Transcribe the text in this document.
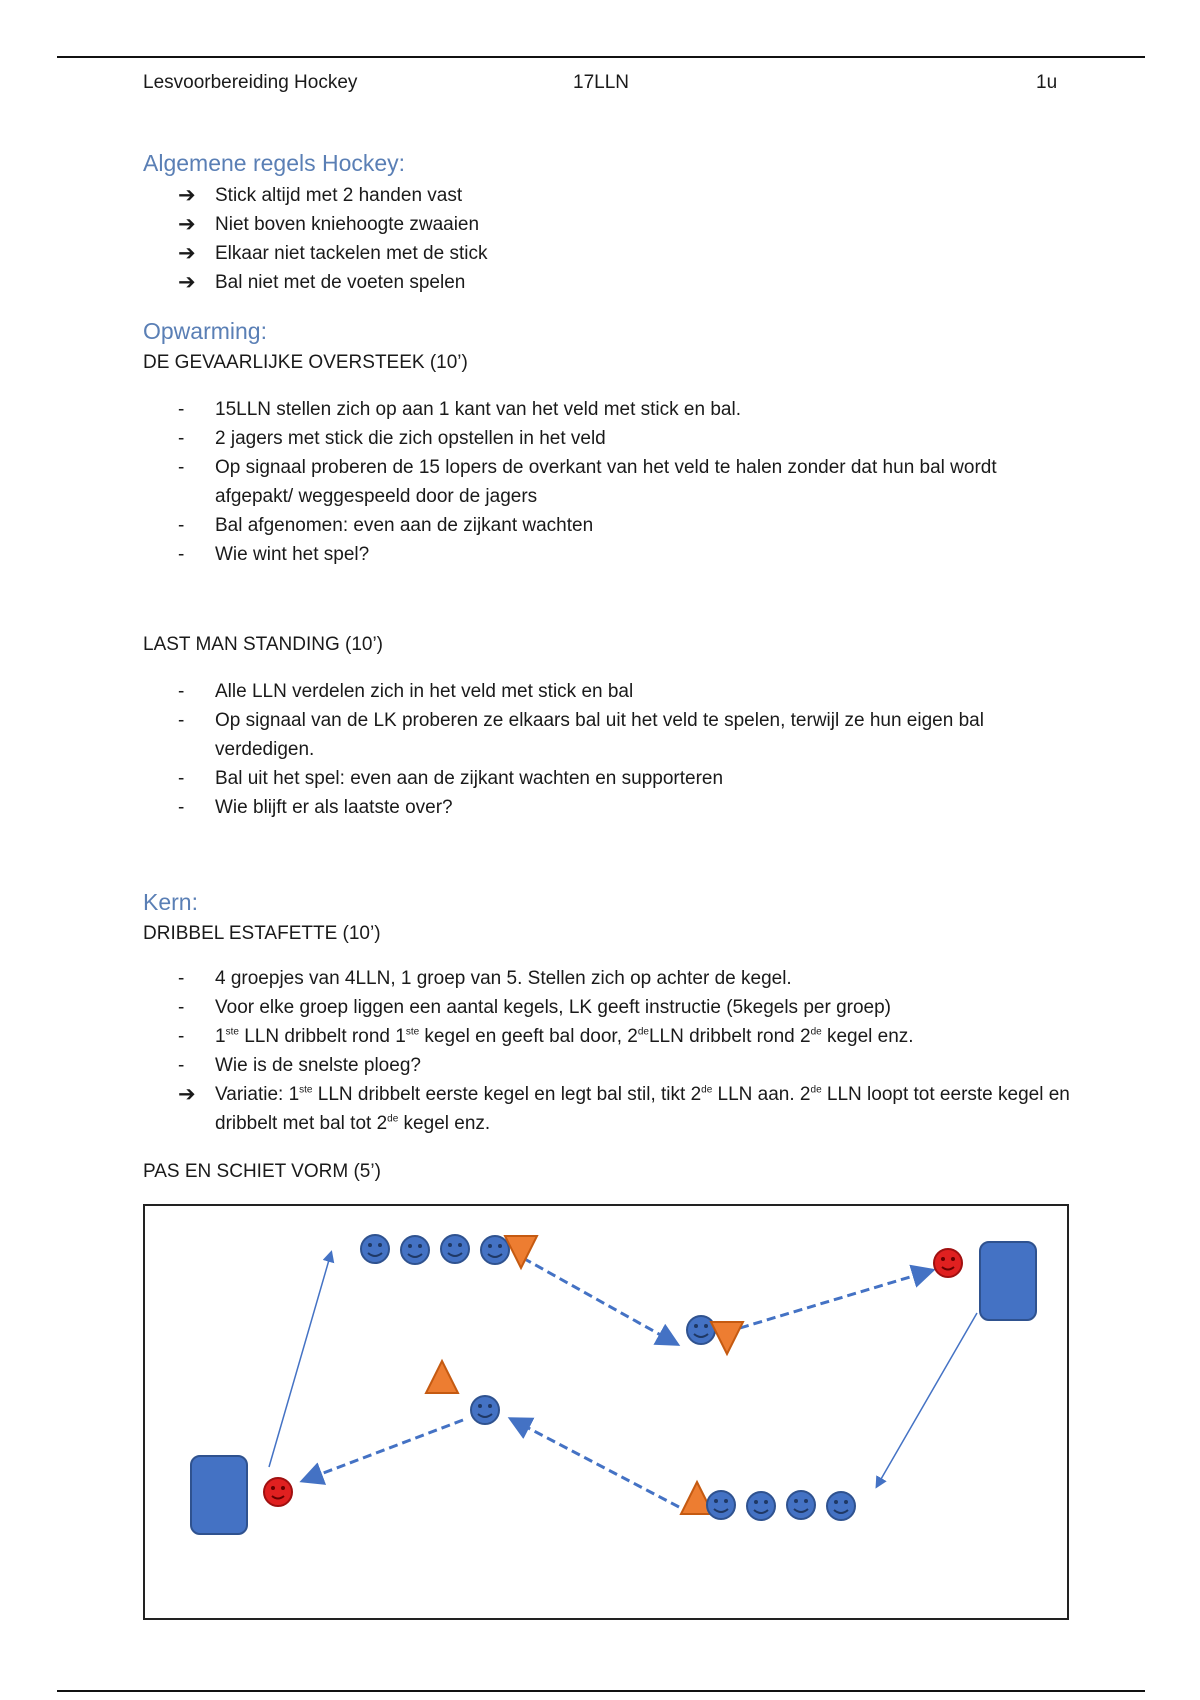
Lesvoorbereiding Hockey	17LLN	1u
Algemene regels Hockey:
➔ Stick altijd met 2 handen vast
➔ Niet boven kniehoogte zwaaien
➔ Elkaar niet tackelen met de stick
➔ Bal niet met de voeten spelen
Opwarming:
DE GEVAARLIJKE OVERSTEEK (10’)
- 15LLN stellen zich op aan 1 kant van het veld met stick en bal.
- 2 jagers met stick die zich opstellen in het veld
- Op signaal proberen de 15 lopers de overkant van het veld te halen zonder dat hun bal wordt afgepakt/ weggespeeld door de jagers
- Bal afgenomen: even aan de zijkant wachten
- Wie wint het spel?
LAST MAN STANDING (10’)
- Alle LLN verdelen zich in het veld met stick en bal
- Op signaal van de LK proberen ze elkaars bal uit het veld te spelen, terwijl ze hun eigen bal verdedigen.
- Bal uit het spel: even aan de zijkant wachten en supporteren
- Wie blijft er als laatste over?
Kern:
DRIBBEL ESTAFETTE (10’)
- 4 groepjes van 4LLN, 1 groep van 5. Stellen zich op achter de kegel.
- Voor elke groep liggen een aantal kegels, LK geeft instructie (5kegels per groep)
- 1ste LLN dribbelt rond 1ste kegel en geeft bal door, 2deLLN dribbelt rond 2de kegel enz.
- Wie is de snelste ploeg?
➔ Variatie: 1ste LLN dribbelt eerste kegel en legt bal stil, tikt 2de LLN aan. 2de LLN loopt tot eerste kegel en dribbelt met bal tot 2de kegel enz.
PAS EN SCHIET VORM (5’)
